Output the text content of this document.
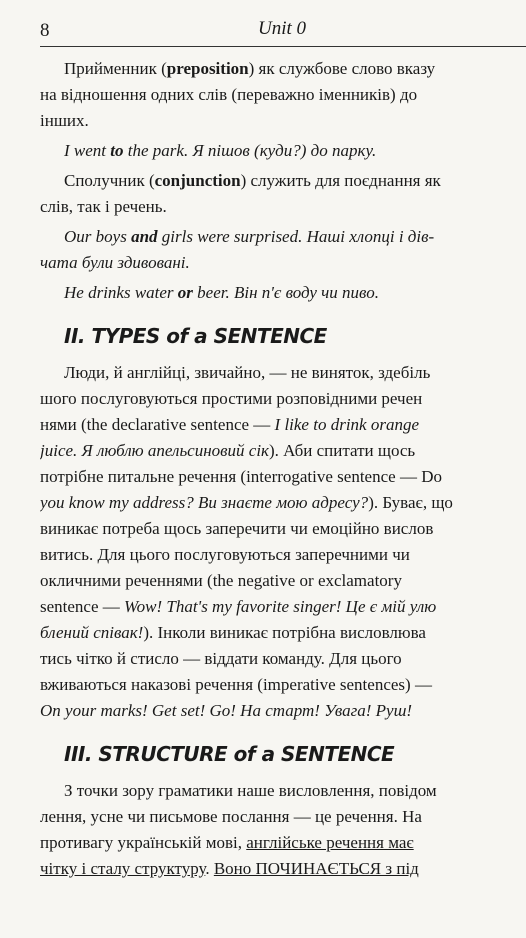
8	Unit 0
Прийменник (preposition) як службове слово вказу
на відношення одних слів (переважно іменників) до
інших.
I went to the park. Я пішов (куди?) до парку.
Сполучник (conjunction) служить для поєднання як
слів, так і речень.
Our boys and girls were surprised. Наші хлопці і дів-
чата були здивовані.
He drinks water or beer. Він п'є воду чи пиво.
II. TYPES of a SENTENCE
Люди, й англійці, звичайно, — не виняток, здебіль
шого послуговуються простими розповідними речен
нями (the declarative sentence — I like to drink orange
juice. Я люблю апельсиновий сік). Аби спитати щось
потрібне питальне речення (interrogative sentence — Do
you know my address? Ви знаєте мою адресу?). Буває, що
виникає потреба щось заперечити чи емоційно вислов
витись. Для цього послуговуються заперечними чи
окличними реченнями (the negative or exclamatory
sentence — Wow! That's my favorite singer! Це є мій улю
блений співак!). Інколи виникає потрібна висловлюва
тись чітко й стисло — віддати команду. Для цього
вживаються наказові речення (imperative sentences) —
On your marks! Get set! Go! На старт! Увага! Руш!
III. STRUCTURE of a SENTENCE
З точки зору граматики наше висловлення, повідом
лення, усне чи письмове послання — це речення. На
противагу українській мові, англійське речення має
чітку і сталу структуру. Воно ПОЧИНАЄТЬСЯ з під
